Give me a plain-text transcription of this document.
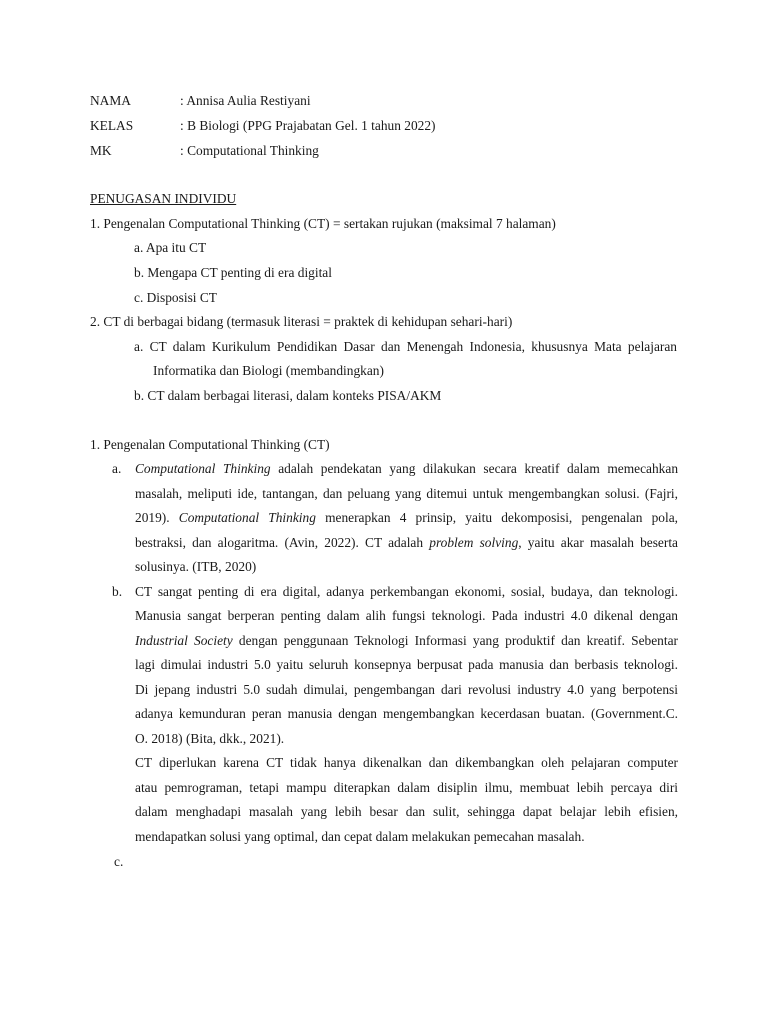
NAMA	: Annisa Aulia Restiyani
KELAS	: B Biologi (PPG Prajabatan Gel. 1 tahun 2022)
MK	: Computational Thinking
PENUGASAN INDIVIDU
1. Pengenalan Computational Thinking (CT) = sertakan rujukan (maksimal 7 halaman)
a. Apa itu CT
b. Mengapa CT penting di era digital
c. Disposisi CT
2. CT di berbagai bidang (termasuk literasi = praktek di kehidupan sehari-hari)
a. CT dalam Kurikulum Pendidikan Dasar dan Menengah Indonesia, khususnya Mata pelajaran
Informatika dan Biologi (membandingkan)
b. CT dalam berbagai literasi, dalam konteks PISA/AKM
1. Pengenalan Computational Thinking (CT)
a. Computational Thinking adalah pendekatan yang dilakukan secara kreatif dalam memecahkan
masalah, meliputi ide, tantangan, dan peluang yang ditemui untuk mengembangkan solusi. (Fajri,
2019). Computational Thinking menerapkan 4 prinsip, yaitu dekomposisi, pengenalan pola,
bestraksi, dan alogaritma. (Avin, 2022). CT adalah problem solving, yaitu akar masalah beserta
solusinya. (ITB, 2020)
b. CT sangat penting di era digital, adanya perkembangan ekonomi, sosial, budaya, dan teknologi.
Manusia sangat berperan penting dalam alih fungsi teknologi. Pada industri 4.0 dikenal dengan
Industrial Society dengan penggunaan Teknologi Informasi yang produktif dan kreatif. Sebentar
lagi dimulai industri 5.0 yaitu seluruh konsepnya berpusat pada manusia dan berbasis teknologi.
Di jepang industri 5.0 sudah dimulai, pengembangan dari revolusi industry 4.0 yang berpotensi
adanya kemunduran peran manusia dengan mengembangkan kecerdasan buatan. (Government.C.
O. 2018) (Bita, dkk., 2021).
CT diperlukan karena CT tidak hanya dikenalkan dan dikembangkan oleh pelajaran computer
atau pemrograman, tetapi mampu diterapkan dalam disiplin ilmu, membuat lebih percaya diri
dalam menghadapi masalah yang lebih besar dan sulit, sehingga dapat belajar lebih efisien,
mendapatkan solusi yang optimal, dan cepat dalam melakukan pemecahan masalah.
c.
